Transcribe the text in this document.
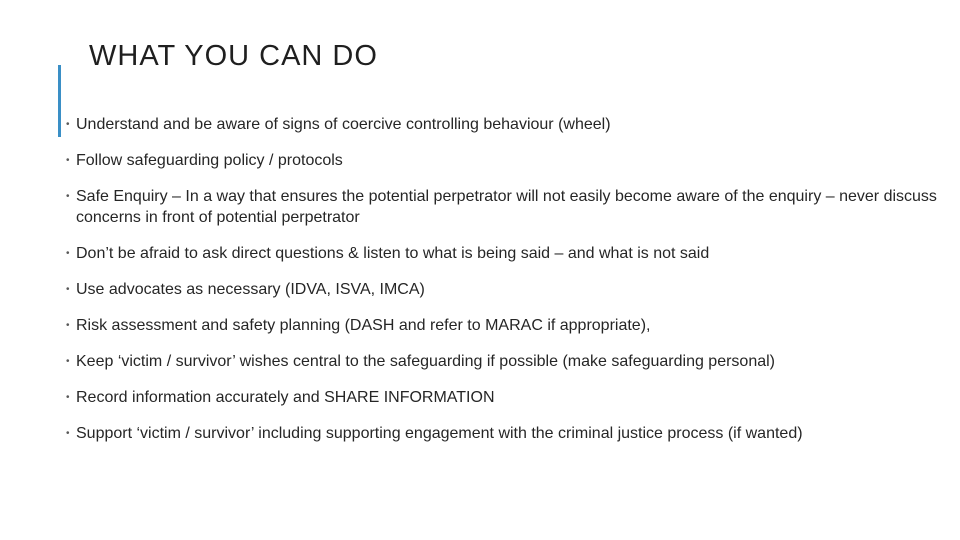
WHAT YOU CAN DO
• Understand and be aware of signs of coercive controlling behaviour (wheel)
• Follow safeguarding policy / protocols
• Safe Enquiry – In a way that ensures the potential perpetrator will not easily become aware of the enquiry – never discuss concerns in front of potential perpetrator
• Don’t be afraid to ask direct questions & listen to what is being said – and what is not said
• Use advocates as necessary (IDVA, ISVA, IMCA)
• Risk assessment and safety planning (DASH and refer to MARAC if appropriate),
• Keep ‘victim / survivor’ wishes central to the safeguarding if possible (make safeguarding personal)
• Record information accurately and SHARE INFORMATION
• Support ‘victim / survivor’ including supporting engagement with the criminal justice process (if wanted)
